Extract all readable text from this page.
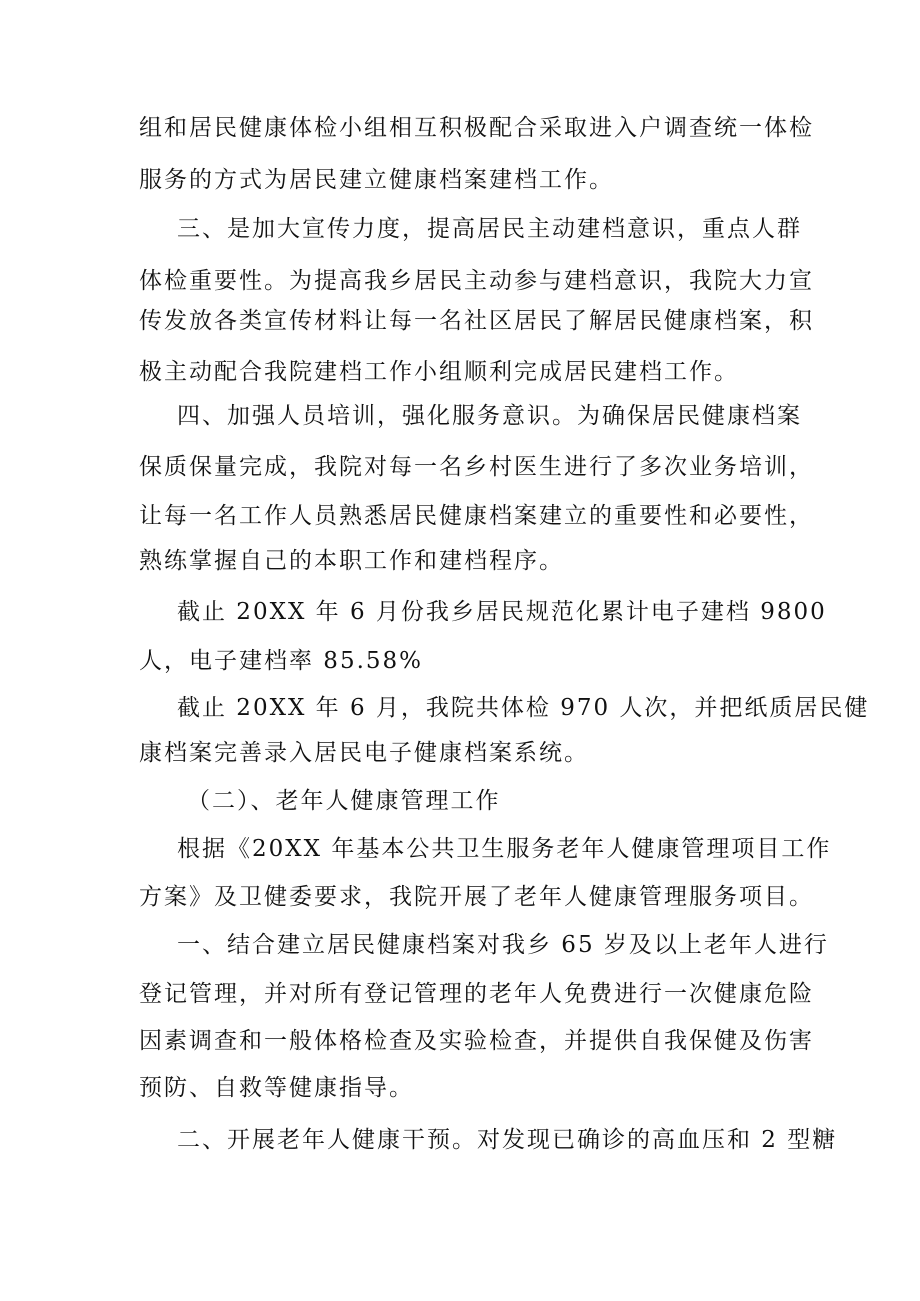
组和居民健康体检小组相互积极配合采取进入户调查统一体检
服务的方式为居民建立健康档案建档工作。
三、是加大宣传力度，提高居民主动建档意识，重点人群
体检重要性。为提高我乡居民主动参与建档意识，我院大力宣
传发放各类宣传材料让每一名社区居民了解居民健康档案，积
极主动配合我院建档工作小组顺利完成居民建档工作。
四、加强人员培训，强化服务意识。为确保居民健康档案
保质保量完成，我院对每一名乡村医生进行了多次业务培训，
让每一名工作人员熟悉居民健康档案建立的重要性和必要性，
熟练掌握自己的本职工作和建档程序。
截止 20XX 年 6 月份我乡居民规范化累计电子建档 9800
人，电子建档率 85.58%
截止 20XX 年 6 月，我院共体检 970 人次，并把纸质居民健
康档案完善录入居民电子健康档案系统。
（二）、老年人健康管理工作
根据《20XX 年基本公共卫生服务老年人健康管理项目工作
方案》及卫健委要求，我院开展了老年人健康管理服务项目。
一、结合建立居民健康档案对我乡 65 岁及以上老年人进行
登记管理，并对所有登记管理的老年人免费进行一次健康危险
因素调查和一般体格检查及实验检查，并提供自我保健及伤害
预防、自救等健康指导。
二、开展老年人健康干预。对发现已确诊的高血压和 2 型糖
